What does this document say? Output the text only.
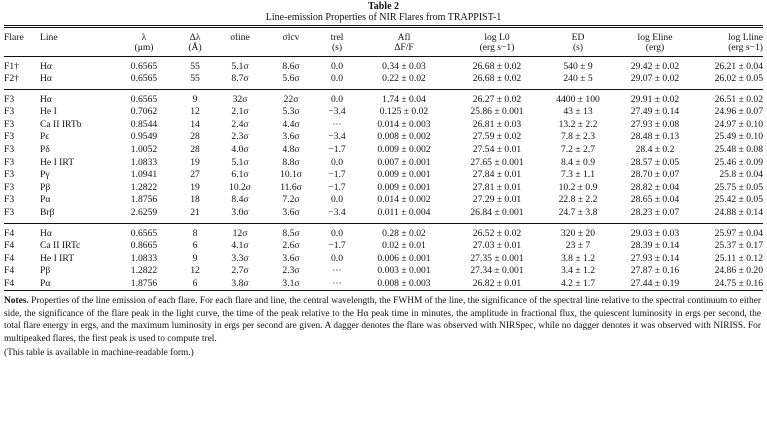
Table 2
Line-emission Properties of NIR Flares from TRAPPIST-1
Flare	Line	λ	Δλ	σline	σlcv	trel	Afl	log L0	ED	log Eline	log Lline
		(μm)	(Å)			(s)	ΔF/F	(erg s−1)	(s)	(erg)	(erg s−1)

F1†	Hα	0.6565	55	5.1σ	8.6σ	0.0	0.34 ± 0.03	26.68 ± 0.02	540 ± 9	29.42 ± 0.02	26.21 ± 0.04
F2†	Hα	0.6565	55	8.7σ	5.6σ	0.0	0.22 ± 0.02	26.68 ± 0.02	240 ± 5	29.07 ± 0.02	26.02 ± 0.05

F3	Hα	0.6565	9	32σ	22σ	0.0	1.74 ± 0.04	26.27 ± 0.02	4400 ± 100	29.91 ± 0.02	26.51 ± 0.02
F3	He I	0.7062	12	2.1σ	5.3σ	−3.4	0.125 ± 0.02	25.86 ± 0.001	43 ± 13	27.49 ± 0.14	24.96 ± 0.07
F3	Ca II IRTb	0.8544	14	2.4σ	4.4σ	⋯	0.014 ± 0.003	26.81 ± 0.03	13.2 ± 2.2	27.93 ± 0.08	24.97 ± 0.10
F3	Pϵ	0.9549	28	2.3σ	3.6σ	−3.4	0.008 ± 0.002	27.59 ± 0.02	7.8 ± 2.3	28.48 ± 0.13	25.49 ± 0.10
F3	Pδ	1.0052	28	4.0σ	4.8σ	−1.7	0.009 ± 0.002	27.54 ± 0.01	7.2 ± 2.7	28.4 ± 0.2	25.48 ± 0.08
F3	He I IRT	1.0833	19	5.1σ	8.8σ	0.0	0.007 ± 0.001	27.65 ± 0.001	8.4 ± 0.9	28.57 ± 0.05	25.46 ± 0.09
F3	Pγ	1.0941	27	6.1σ	10.1σ	−1.7	0.009 ± 0.001	27.84 ± 0.01	7.3 ± 1.1	28.70 ± 0.07	25.8 ± 0.04
F3	Pβ	1.2822	19	10.2σ	11.6σ	−1.7	0.009 ± 0.001	27.81 ± 0.01	10.2 ± 0.9	28.82 ± 0.04	25.75 ± 0.05
F3	Pα	1.8756	18	8.4σ	7.2σ	0.0	0.014 ± 0.002	27.29 ± 0.01	22.8 ± 2.2	28.65 ± 0.04	25.42 ± 0.05
F3	Brβ	2.6259	21	3.0σ	3.6σ	−3.4	0.011 ± 0.004	26.84 ± 0.001	24.7 ± 3.8	28.23 ± 0.07	24.88 ± 0.14

F4	Hα	0.6565	8	12σ	8.5σ	0.0	0.28 ± 0.02	26.52 ± 0.02	320 ± 20	29.03 ± 0.03	25.97 ± 0.04
F4	Ca II IRTc	0.8665	6	4.1σ	2.6σ	−1.7	0.02 ± 0.01	27.03 ± 0.01	23 ± 7	28.39 ± 0.14	25.37 ± 0.17
F4	He I IRT	1.0833	9	3.3σ	3.6σ	0.0	0.006 ± 0.001	27.35 ± 0.001	3.8 ± 1.2	27.93 ± 0.14	25.11 ± 0.12
F4	Pβ	1.2822	12	2.7σ	2.3σ	⋯	0.003 ± 0.001	27.34 ± 0.001	3.4 ± 1.2	27.87 ± 0.16	24.86 ± 0.20
F4	Pα	1.8756	6	3.8σ	3.1σ	⋯	0.008 ± 0.003	26.82 ± 0.01	4.2 ± 1.7	27.44 ± 0.19	24.75 ± 0.16
Notes. Properties of the line emission of each flare. For each flare and line, the central wavelength, the FWHM of the line, the significance of the spectral line relative to the spectral continuum to either side, the significance of the flare peak in the light curve, the time of the peak relative to the Hα peak time in minutes, the amplitude in fractional flux, the quiescent luminosity in ergs per second, the total flare energy in ergs, and the maximum luminosity in ergs per second are given. A dagger denotes the flare was observed with NIRSpec, while no dagger denotes it was observed with NIRISS. For multipeaked flares, the first peak is used to compute trel.
(This table is available in machine-readable form.)
